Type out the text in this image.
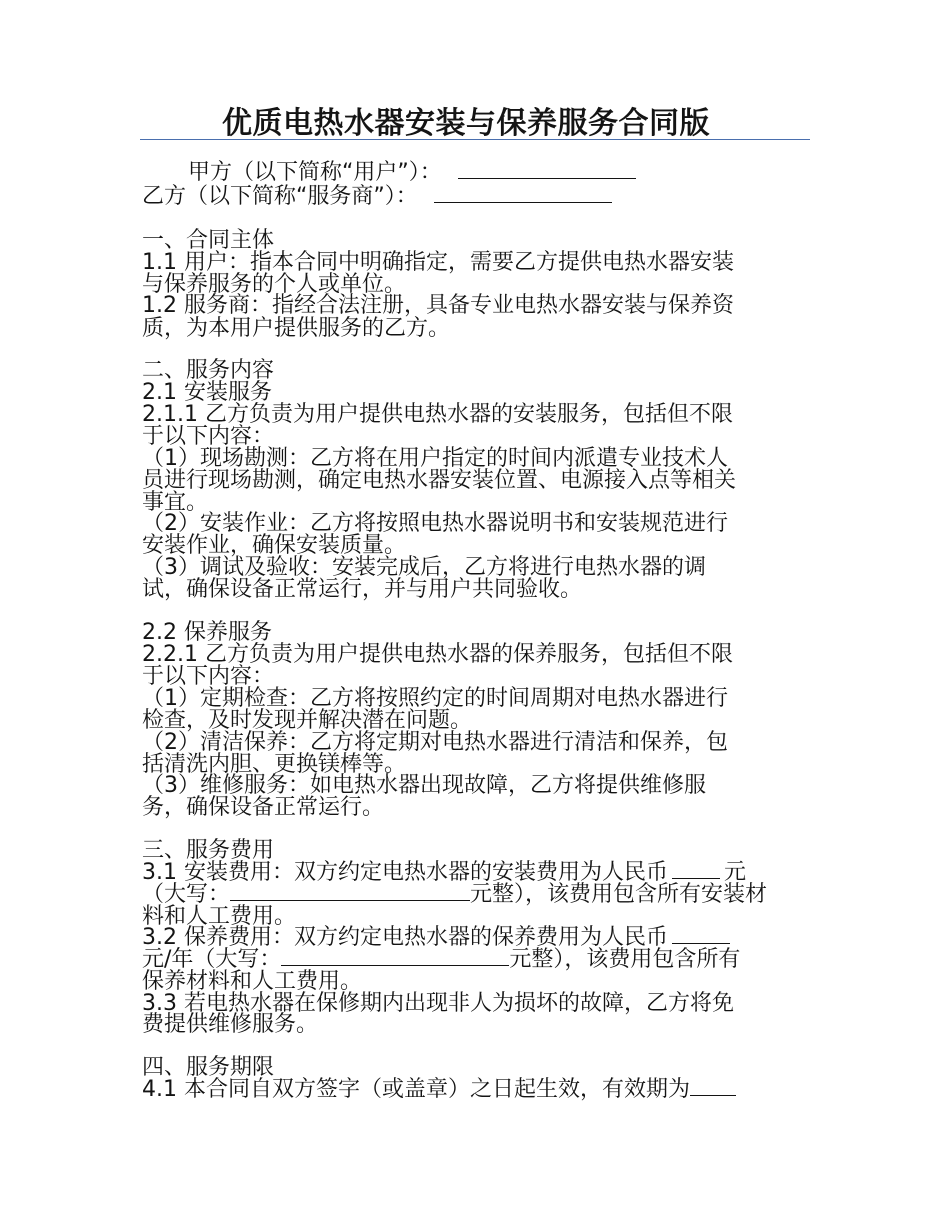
优质电热水器安装与保养服务合同版
甲方（以下简称“用户”）：
乙方（以下简称“服务商”）：
一、合同主体
1.1 用户：指本合同中明确指定，需要乙方提供电热水器安装
与保养服务的个人或单位。
1.2 服务商：指经合法注册，具备专业电热水器安装与保养资
质，为本用户提供服务的乙方。
二、服务内容
2.1 安装服务
2.1.1 乙方负责为用户提供电热水器的安装服务，包括但不限
于以下内容：
（1）现场勘测：乙方将在用户指定的时间内派遣专业技术人
员进行现场勘测，确定电热水器安装位置、电源接入点等相关
事宜。
（2）安装作业：乙方将按照电热水器说明书和安装规范进行
安装作业，确保安装质量。
（3）调试及验收：安装完成后，乙方将进行电热水器的调
试，确保设备正常运行，并与用户共同验收。
2.2 保养服务
2.2.1 乙方负责为用户提供电热水器的保养服务，包括但不限
于以下内容：
（1）定期检查：乙方将按照约定的时间周期对电热水器进行
检查，及时发现并解决潜在问题。
（2）清洁保养：乙方将定期对电热水器进行清洁和保养，包
括清洗内胆、更换镁棒等。
（3）维修服务：如电热水器出现故障，乙方将提供维修服
务，确保设备正常运行。
三、服务费用
3.1 安装费用：双方约定电热水器的安装费用为人民币	元
（大写：	元整），该费用包含所有安装材
料和人工费用。
3.2 保养费用：双方约定电热水器的保养费用为人民币
元/年（大写：	元整），该费用包含所有
保养材料和人工费用。
3.3 若电热水器在保修期内出现非人为损坏的故障，乙方将免
费提供维修服务。
四、服务期限
4.1 本合同自双方签字（或盖章）之日起生效，有效期为
